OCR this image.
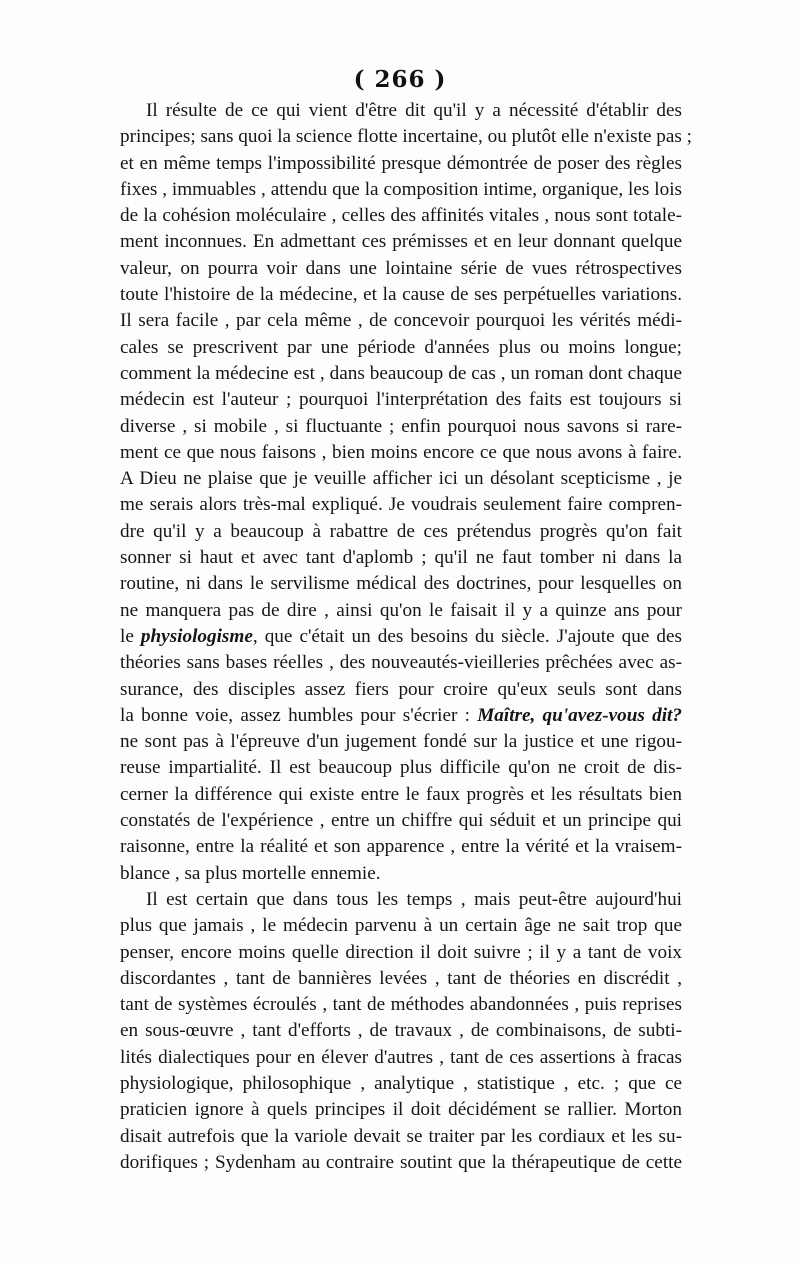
( 266 )
Il résulte de ce qui vient d'être dit qu'il y a nécessité d'établir des
principes; sans quoi la science flotte incertaine, ou plutôt elle n'existe pas ;
et en même temps l'impossibilité presque démontrée de poser des règles
fixes , immuables , attendu que la composition intime, organique, les lois
de la cohésion moléculaire , celles des affinités vitales , nous sont totale-
ment inconnues. En admettant ces prémisses et en leur donnant quelque
valeur, on pourra voir dans une lointaine série de vues rétrospectives
toute l'histoire de la médecine, et la cause de ses perpétuelles variations.
Il sera facile , par cela même , de concevoir pourquoi les vérités médi-
cales se prescrivent par une période d'années plus ou moins longue;
comment la médecine est , dans beaucoup de cas , un roman dont chaque
médecin est l'auteur ; pourquoi l'interprétation des faits est toujours si
diverse , si mobile , si fluctuante ; enfin pourquoi nous savons si rare-
ment ce que nous faisons , bien moins encore ce que nous avons à faire.
A Dieu ne plaise que je veuille afficher ici un désolant scepticisme , je
me serais alors très-mal expliqué. Je voudrais seulement faire compren-
dre qu'il y a beaucoup à rabattre de ces prétendus progrès qu'on fait
sonner si haut et avec tant d'aplomb ; qu'il ne faut tomber ni dans la
routine, ni dans le servilisme médical des doctrines, pour lesquelles on
ne manquera pas de dire , ainsi qu'on le faisait il y a quinze ans pour
le physiologisme, que c'était un des besoins du siècle. J'ajoute que des
théories sans bases réelles , des nouveautés-vieilleries prêchées avec as-
surance, des disciples assez fiers pour croire qu'eux seuls sont dans
la bonne voie, assez humbles pour s'écrier : Maître, qu'avez-vous dit?
ne sont pas à l'épreuve d'un jugement fondé sur la justice et une rigou-
reuse impartialité. Il est beaucoup plus difficile qu'on ne croit de dis-
cerner la différence qui existe entre le faux progrès et les résultats bien
constatés de l'expérience , entre un chiffre qui séduit et un principe qui
raisonne, entre la réalité et son apparence , entre la vérité et la vraisem-
blance , sa plus mortelle ennemie.
Il est certain que dans tous les temps , mais peut-être aujourd'hui
plus que jamais , le médecin parvenu à un certain âge ne sait trop que
penser, encore moins quelle direction il doit suivre ; il y a tant de voix
discordantes , tant de bannières levées , tant de théories en discrédit ,
tant de systèmes écroulés , tant de méthodes abandonnées , puis reprises
en sous-œuvre , tant d'efforts , de travaux , de combinaisons, de subti-
lités dialectiques pour en élever d'autres , tant de ces assertions à fracas
physiologique, philosophique , analytique , statistique , etc. ; que ce
praticien ignore à quels principes il doit décidément se rallier. Morton
disait autrefois que la variole devait se traiter par les cordiaux et les su-
dorifiques ; Sydenham au contraire soutint que la thérapeutique de cette
